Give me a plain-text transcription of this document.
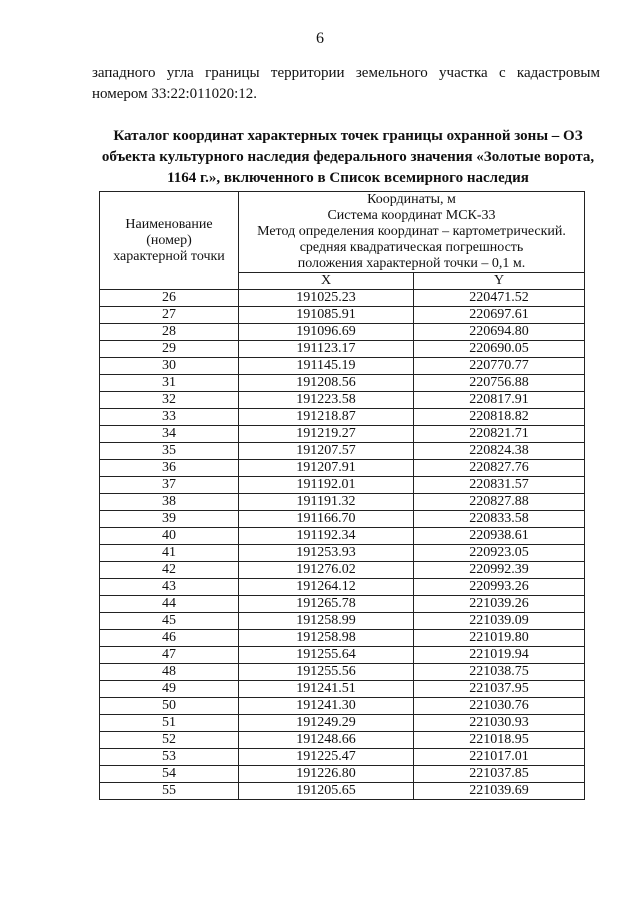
6
западного угла границы территории земельного участка с кадастровым
номером 33:22:011020:12.
Каталог координат характерных точек границы охранной зоны – ОЗ
объекта культурного наследия федерального значения «Золотые ворота,
1164 г.», включенного в Список всемирного наследия
Наименование
(номер)
характерной точки	Координаты, м
Система координат МСК-33
Метод определения координат – картометрический.
средняя квадратическая погрешность
положения характерной точки – 0,1 м.	

	X	Y
26	191025.23	220471.52
27	191085.91	220697.61
28	191096.69	220694.80
29	191123.17	220690.05
30	191145.19	220770.77
31	191208.56	220756.88
32	191223.58	220817.91
33	191218.87	220818.82
34	191219.27	220821.71
35	191207.57	220824.38
36	191207.91	220827.76
37	191192.01	220831.57
38	191191.32	220827.88
39	191166.70	220833.58
40	191192.34	220938.61
41	191253.93	220923.05
42	191276.02	220992.39
43	191264.12	220993.26
44	191265.78	221039.26
45	191258.99	221039.09
46	191258.98	221019.80
47	191255.64	221019.94
48	191255.56	221038.75
49	191241.51	221037.95
50	191241.30	221030.76
51	191249.29	221030.93
52	191248.66	221018.95
53	191225.47	221017.01
54	191226.80	221037.85
55	191205.65	221039.69
